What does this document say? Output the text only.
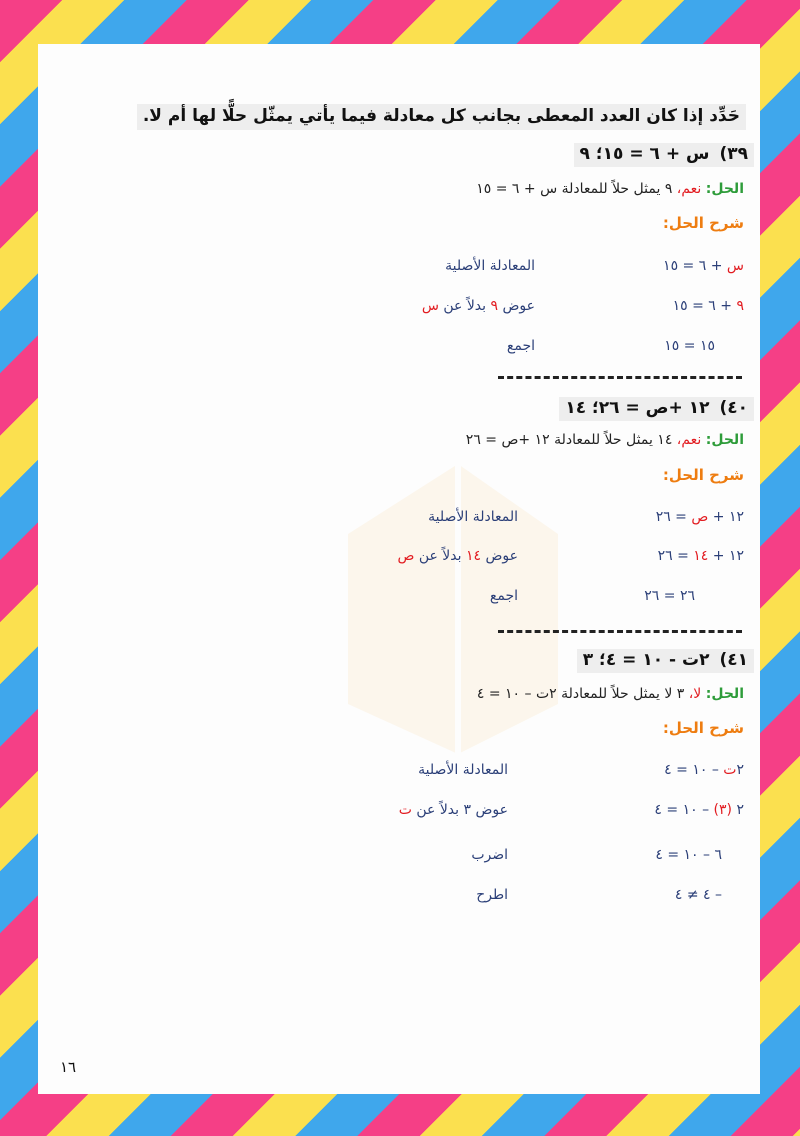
حَدِّد إذا كان العدد المعطى بجانب كل معادلة فيما يأتي يمثّل حلًّا لها أم لا.
٣٩)س + ٦ = ١٥؛ ٩
الحل: نعم، ٩ يمثل حلاً للمعادلة س + ٦ = ١٥
شرح الحل:
س + ٦ = ١٥
المعادلة الأصلية
٩ + ٦ = ١٥
عوض ٩ بدلاً عن س
١٥ = ١٥
اجمع
٤٠)١٢ +ص = ٢٦؛ ١٤
الحل: نعم، ١٤ يمثل حلاً للمعادلة ١٢ +ص = ٢٦
شرح الحل:
١٢ + ص = ٢٦
المعادلة الأصلية
١٢ + ١٤ = ٢٦
عوض ١٤ بدلاً عن ص
٢٦ = ٢٦
اجمع
٤١)٢ت - ١٠ = ٤؛ ٣
الحل: لا، ٣ لا يمثل حلاً للمعادلة ٢ت – ١٠ = ٤
شرح الحل:
٢ت – ١٠ = ٤
المعادلة الأصلية
٢ (٣) – ١٠ = ٤
عوض ٣ بدلاً عن ت
٦ – ١٠ = ٤
اضرب
– ٤ ≠ ٤
اطرح
١٦
